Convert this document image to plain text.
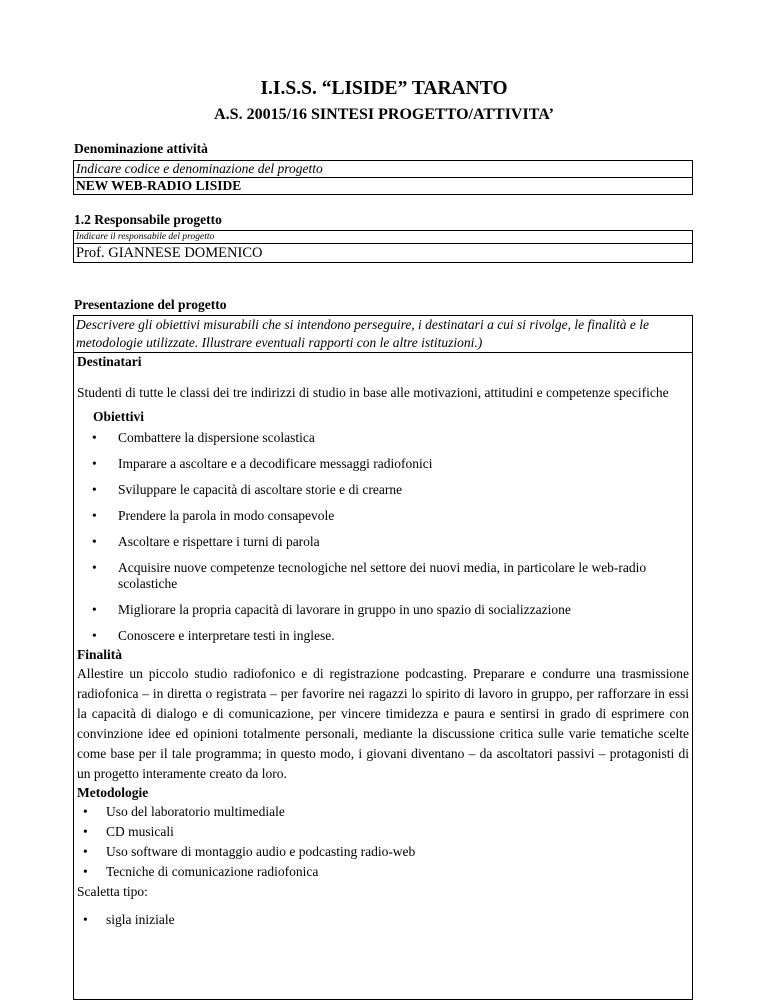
I.I.S.S. “LISIDE” TARANTO
A.S. 20015/16 SINTESI PROGETTO/ATTIVITA’
Denominazione attività
Indicare codice e denominazione del progetto
NEW WEB-RADIO LISIDE
1.2 Responsabile progetto
Indicare il responsabile del progetto
Prof. GIANNESE DOMENICO
Presentazione del progetto
Descrivere gli obiettivi misurabili che si intendono perseguire, i destinatari a cui si rivolge, le finalità e le metodologie utilizzate. Illustrare eventuali rapporti con le altre istituzioni.)
Destinatari
Studenti di tutte le classi dei tre indirizzi di studio in base alle motivazioni, attitudini e competenze specifiche
Obiettivi
• Combattere la dispersione scolastica
• Imparare a ascoltare e a decodificare messaggi radiofonici
• Sviluppare le capacità di ascoltare storie e di crearne
• Prendere la parola in modo consapevole
• Ascoltare e rispettare i turni di parola
• Acquisire nuove competenze tecnologiche nel settore dei nuovi media, in particolare le web-radio scolastiche
• Migliorare la propria capacità di lavorare in gruppo in uno spazio di socializzazione
• Conoscere e interpretare testi in inglese.
Finalità
Allestire un piccolo studio radiofonico e di registrazione podcasting. Preparare e condurre una trasmissione radiofonica – in diretta o registrata – per favorire nei ragazzi lo spirito di lavoro in gruppo, per rafforzare in essi la capacità di dialogo e di comunicazione, per vincere timidezza e paura e sentirsi in grado di esprimere con convinzione idee ed opinioni totalmente personali, mediante la discussione critica sulle varie tematiche scelte come base per il tale programma; in questo modo, i giovani diventano – da ascoltatori passivi – protagonisti di un progetto interamente creato da loro.
Metodologie
• Uso del laboratorio multimediale
• CD musicali
• Uso software di montaggio audio e podcasting radio-web
• Tecniche di comunicazione radiofonica
Scaletta tipo:
• sigla iniziale
